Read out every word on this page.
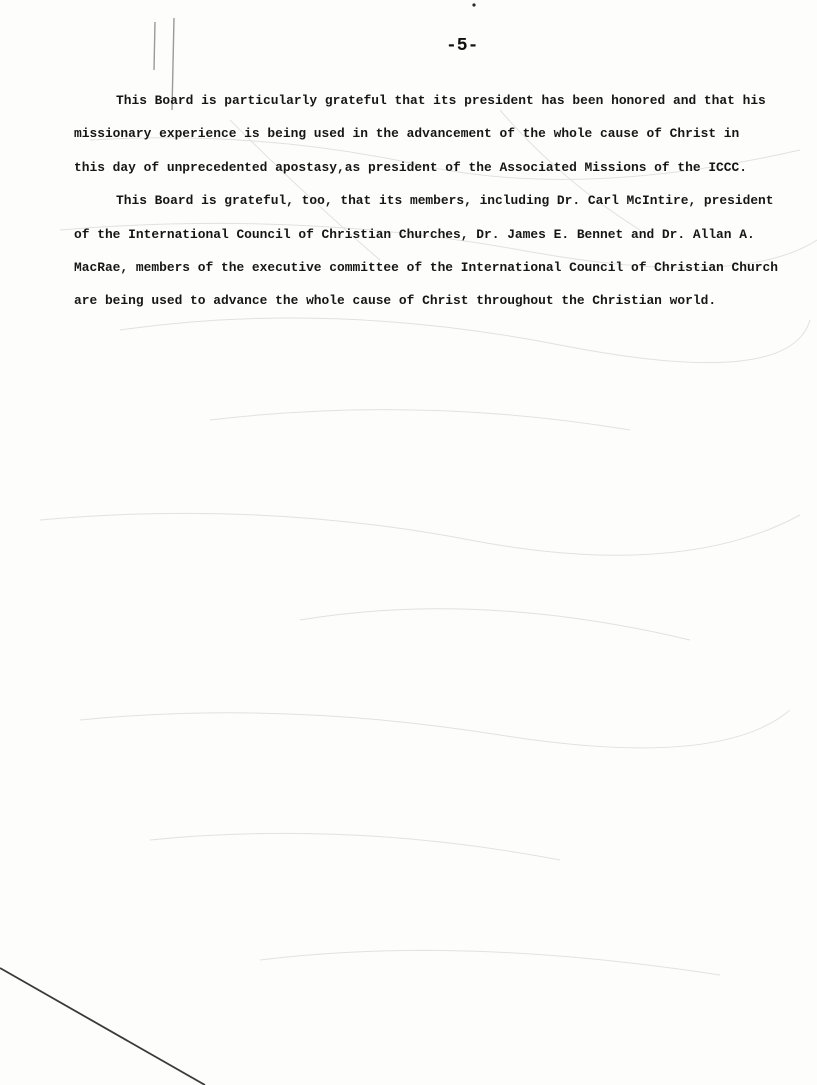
-5-
This Board is particularly grateful that its president has been honored and that his
missionary experience is being used in the advancement of the whole cause of Christ in
this day of unprecedented apostasy,as president of the Associated Missions of the ICCC.
This Board is grateful, too, that its members, including Dr. Carl McIntire, president
of the International Council of Christian Churches, Dr. James E. Bennet and Dr. Allan A.
MacRae, members of the executive committee of the International Council of Christian Church
are being used to advance the whole cause of Christ throughout the Christian world.
